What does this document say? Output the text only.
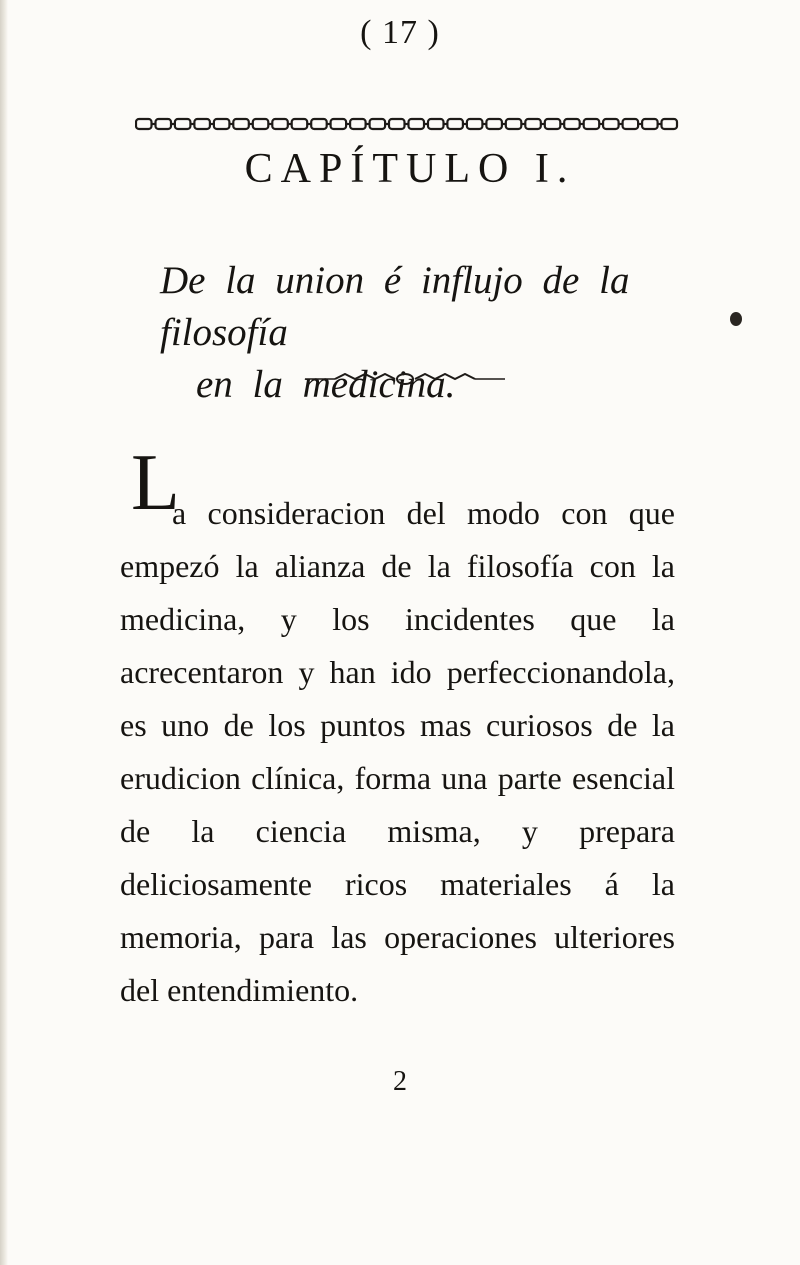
( 17 )
CAPÍTULO I.
De la union é influjo de la filosofía
en la medicina.
L

a consideracion del modo con que empezó la alianza de la filosofía con la medicina, y los incidentes que la acrecentaron y han ido perfeccionandola, es uno de los puntos mas curiosos de la erudicion clínica, forma una parte esencial de la ciencia misma, y prepara deliciosamente ricos materiales á la memoria, para las operaciones ulteriores del entendimiento.

2
